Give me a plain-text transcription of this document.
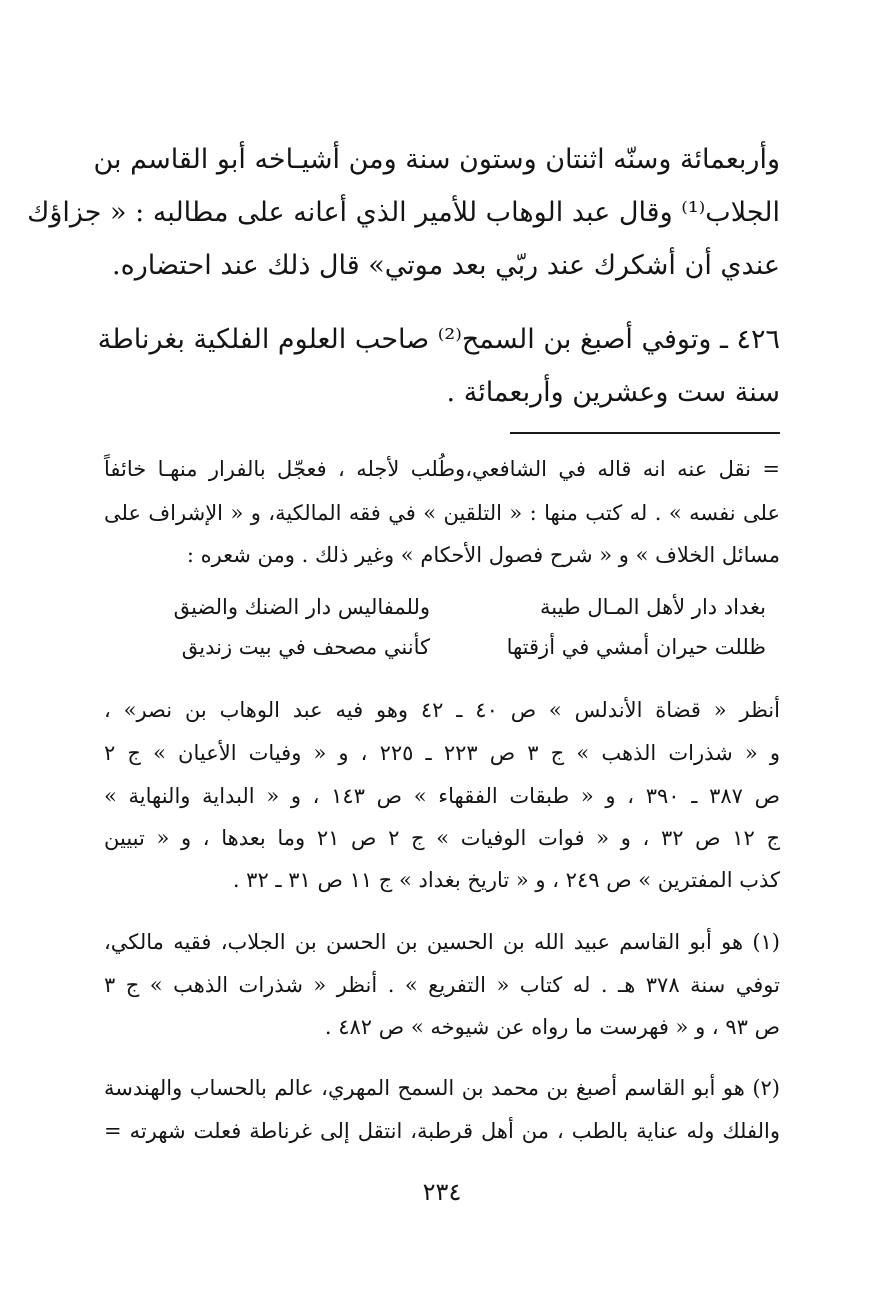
وأربعمائة وسنّه اثنتان وستون سنة ومن أشيـاخه أبو القاسم بن
الجلاب⁽¹⁾ وقال عبد الوهاب للأمير الذي أعانه على مطالبه : « جزاؤك
عندي أن أشكرك عند ربّي بعد موتي» قال ذلك عند احتضاره.
٤٢٦ ـ وتوفي أصبغ بن السمح⁽²⁾ صاحب العلوم الفلكية بغرناطة
سنة ست وعشرين وأربعمائة .
= نقل عنه انه قاله في الشافعي،وطُلب لأجله ، فعجّل بالفرار منهـا خائفاً
على نفسه » . له كتب منها : « التلقين » في فقه المالكية، و « الإشراف على
مسائل الخلاف » و « شرح فصول الأحكام » وغير ذلك . ومن شعره :
بغداد دار لأهل المـال طيبة
وللمفاليس دار الضنك والضيق
ظللت حيران أمشي في أزقتها
كأنني مصحف في بيت زنديق
أنظر « قضاة الأندلس » ص ٤٠ ـ ٤٢ وهو فيه عبد الوهاب بن نصر» ،
و « شذرات الذهب » ج ٣ ص ٢٢٣ ـ ٢٢٥ ، و « وفيات الأعيان » ج ٢
ص ٣٨٧ ـ ٣٩٠ ، و « طبقات الفقهاء » ص ١٤٣ ، و « البداية والنهاية »
ج ١٢ ص ٣٢ ، و « فوات الوفيات » ج ٢ ص ٢١ وما بعدها ، و « تبيين
كذب المفترين » ص ٢٤٩ ، و « تاريخ بغداد » ج ١١ ص ٣١ ـ ٣٢ .
(١) هو أبو القاسم عبيد الله بن الحسين بن الحسن بن الجلاب، فقيه مالكي،
توفي سنة ٣٧٨ هـ . له كتاب « التفريع » . أنظر « شذرات الذهب » ج ٣
ص ٩٣ ، و « فهرست ما رواه عن شيوخه » ص ٤٨٢ .
(٢) هو أبو القاسم أصبغ بن محمد بن السمح المهري، عالم بالحساب والهندسة
والفلك وله عناية بالطب ، من أهل قرطبة، انتقل إلى غرناطة فعلت شهرته =
٢٣٤
